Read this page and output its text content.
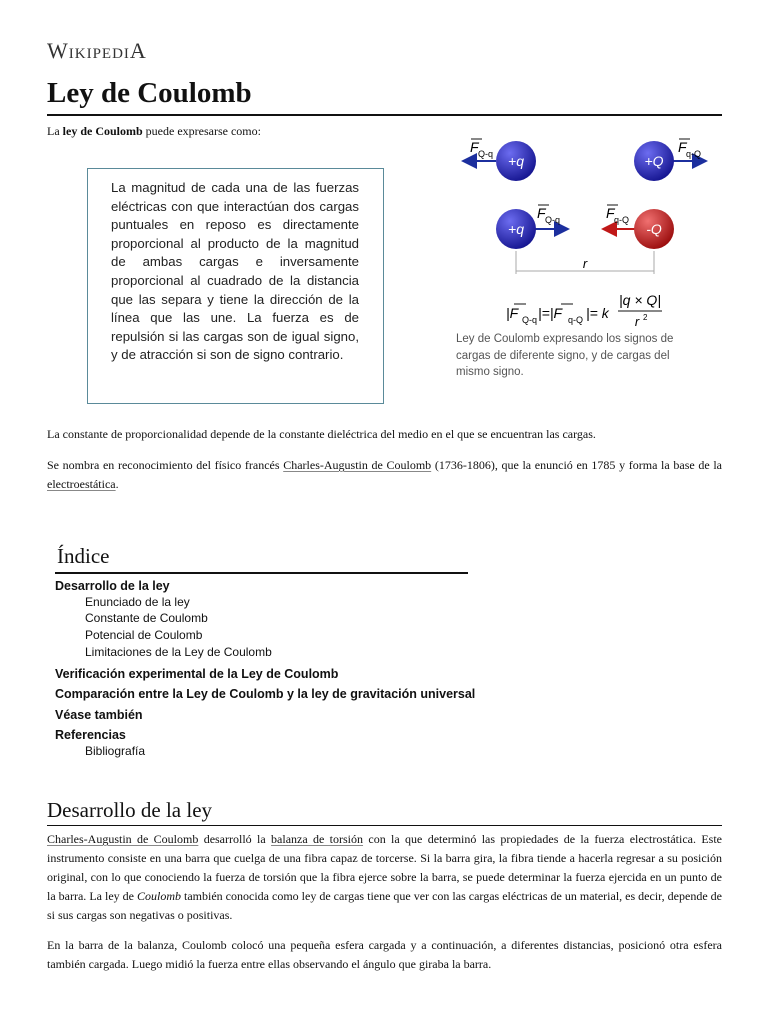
WikipediA
Ley de Coulomb
La ley de Coulomb puede expresarse como:
La magnitud de cada una de las fuerzas eléctricas con que interactúan dos cargas puntuales en reposo es directamente proporcional al producto de la magnitud de ambas cargas e inversamente proporcional al cuadrado de la distancia que las separa y tiene la dirección de la línea que las une. La fuerza es de repulsión si las cargas son de igual signo, y de atracción si son de signo contrario.
+q	+Q
+q	-Q
F Q-q	F q-Q
F Q-q	F q-Q
r
|F Q-q |=|F q-Q |= k
|q × Q|
r 2
Ley de Coulomb expresando los signos de cargas de diferente signo, y de cargas del mismo signo.
La constante de proporcionalidad depende de la constante dieléctrica del medio en el que se encuentran las cargas.
Se nombra en reconocimiento del físico francés Charles-Augustin de Coulomb (1736-1806), que la enunció en 1785 y forma la base de la electroestática.
Índice
Desarrollo de la ley
Enunciado de la ley
Constante de Coulomb
Potencial de Coulomb
Limitaciones de la Ley de Coulomb
Verificación experimental de la Ley de Coulomb
Comparación entre la Ley de Coulomb y la ley de gravitación universal
Véase también
Referencias
Bibliografía
Desarrollo de la ley
Charles-Augustin de Coulomb desarrolló la balanza de torsión con la que determinó las propiedades de la fuerza electrostática. Este instrumento consiste en una barra que cuelga de una fibra capaz de torcerse. Si la barra gira, la fibra tiende a hacerla regresar a su posición original, con lo que conociendo la fuerza de torsión que la fibra ejerce sobre la barra, se puede determinar la fuerza ejercida en un punto de la barra. La ley de Coulomb también conocida como ley de cargas tiene que ver con las cargas eléctricas de un material, es decir, depende de si sus cargas son negativas o positivas.
En la barra de la balanza, Coulomb colocó una pequeña esfera cargada y a continuación, a diferentes distancias, posicionó otra esfera también cargada. Luego midió la fuerza entre ellas observando el ángulo que giraba la barra.
